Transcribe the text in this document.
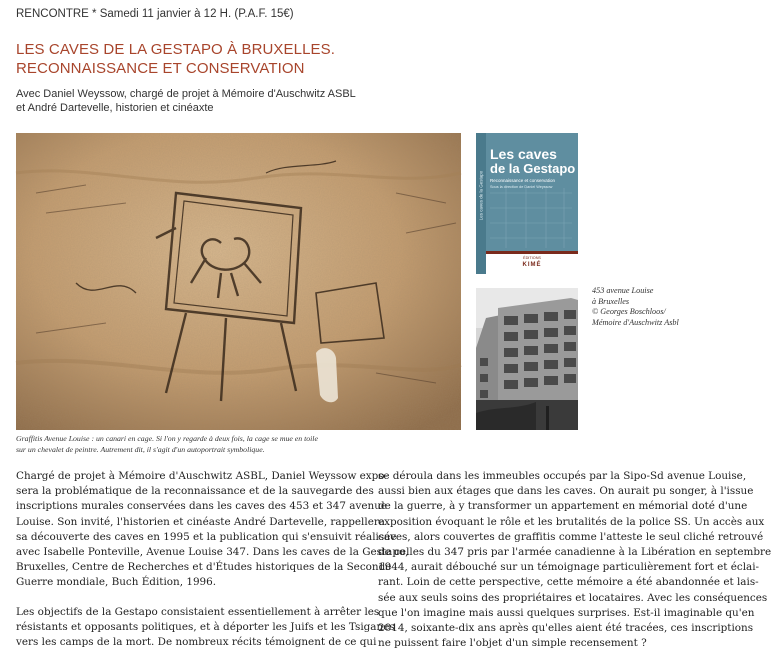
RENCONTRE * Samedi 11 janvier à 12 H. (P.A.F. 15€)
LES CAVES DE LA GESTAPO À BRUXELLES.
RECONNAISSANCE ET CONSERVATION
Avec Daniel Weyssow, chargé de projet à Mémoire d'Auschwitz ASBL
et André Dartevelle, historien et cinéaxte
Les caves
de la Gestapo
Reconnaissance et conservation
Sous la direction de Daniel Weyssow
Les caves de la Gestapo
ÉDITIONS
KIMÉ
453 avenue Louise
à Bruxelles
© Georges Boschloos/
Mémoire d'Auschwitz Asbl
Graffitis Avenue Louise : un canari en cage. Si l'on y regarde à deux fois, la cage se mue en toile
sur un chevalet de peintre. Autrement dit, il s'agit d'un autoportrait symbolique.

Chargé de projet à Mémoire d'Auschwitz ASBL, Daniel Weyssow expo-
sera la problématique de la reconnaissance et de la sauvegarde des
inscriptions murales conservées dans les caves des 453 et 347 avenue
Louise. Son invité, l'historien et cinéaste André Dartevelle, rappellera
sa découverte des caves en 1995 et la publication qui s'ensuivit réalisée
avec Isabelle Ponteville, Avenue Louise 347. Dans les caves de la Gestapo,
Bruxelles, Centre de Recherches et d'Études historiques de la Seconde
Guerre mondiale, Buch Édition, 1996.

Les objectifs de la Gestapo consistaient essentiellement à arrêter les
résistants et opposants politiques, et à déporter les Juifs et les Tsiganes
vers les camps de la mort. De nombreux récits témoignent de ce qui

se déroula dans les immeubles occupés par la Sipo-Sd avenue Louise,
aussi bien aux étages que dans les caves. On aurait pu songer, à l'issue
de la guerre, à y transformer un appartement en mémorial doté d'une
exposition évoquant le rôle et les brutalités de la police SS. Un accès aux
caves, alors couvertes de graffitis comme l'atteste le seul cliché retrouvé
de celles du 347 pris par l'armée canadienne à la Libération en septembre
1944, aurait débouché sur un témoignage particulièrement fort et éclai-
rant. Loin de cette perspective, cette mémoire a été abandonnée et lais-
sée aux seuls soins des propriétaires et locataires. Avec les conséquences
que l'on imagine mais aussi quelques surprises. Est-il imaginable qu'en
2014, soixante-dix ans après qu'elles aient été tracées, ces inscriptions
ne puissent faire l'objet d'un simple recensement ?
